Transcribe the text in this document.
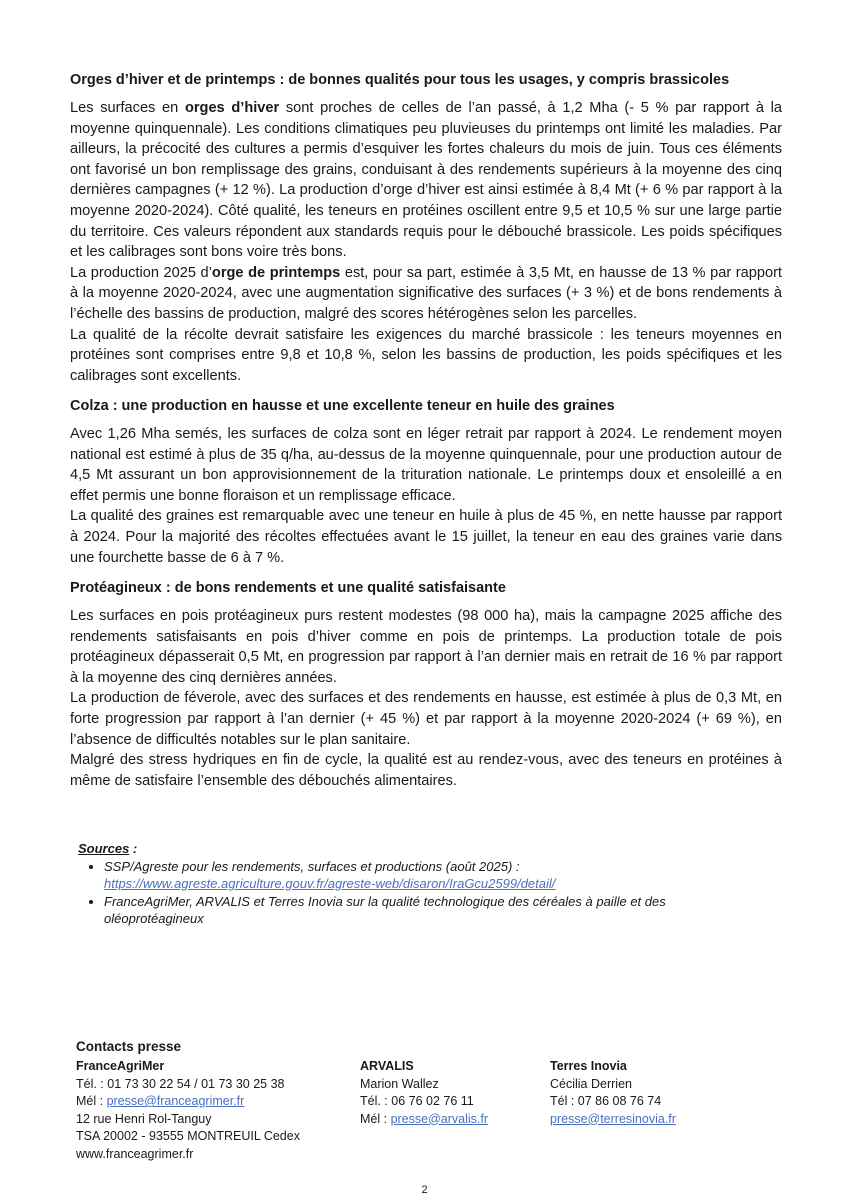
Orges d’hiver et de printemps : de bonnes qualités pour tous les usages, y compris brassicoles

Les surfaces en orges d’hiver sont proches de celles de l’an passé, à 1,2 Mha (- 5 % par rapport à la moyenne quinquennale). Les conditions climatiques peu pluvieuses du printemps ont limité les maladies. Par ailleurs, la précocité des cultures a permis d’esquiver les fortes chaleurs du mois de juin. Tous ces éléments ont favorisé un bon remplissage des grains, conduisant à des rendements supérieurs à la moyenne des cinq dernières campagnes (+ 12 %). La production d’orge d’hiver est ainsi estimée à 8,4 Mt (+ 6 % par rapport à la moyenne 2020-2024). Côté qualité, les teneurs en protéines oscillent entre 9,5 et 10,5 % sur une large partie du territoire. Ces valeurs répondent aux standards requis pour le débouché brassicole. Les poids spécifiques et les calibrages sont bons voire très bons.

La production 2025 d’orge de printemps est, pour sa part, estimée à 3,5 Mt, en hausse de 13 % par rapport à la moyenne 2020-2024, avec une augmentation significative des surfaces (+ 3 %) et de bons rendements à l’échelle des bassins de production, malgré des scores hétérogènes selon les parcelles.

La qualité de la récolte devrait satisfaire les exigences du marché brassicole : les teneurs moyennes en protéines sont comprises entre 9,8 et 10,8 %, selon les bassins de production, les poids spécifiques et les calibrages sont excellents.

Colza : une production en hausse et une excellente teneur en huile des graines

Avec 1,26 Mha semés, les surfaces de colza sont en léger retrait par rapport à 2024. Le rendement moyen national est estimé à plus de 35 q/ha, au-dessus de la moyenne quinquennale, pour une production autour de 4,5 Mt assurant un bon approvisionnement de la trituration nationale. Le printemps doux et ensoleillé a en effet permis une bonne floraison et un remplissage efficace.

La qualité des graines est remarquable avec une teneur en huile à plus de 45 %, en nette hausse par rapport à 2024. Pour la majorité des récoltes effectuées avant le 15 juillet, la teneur en eau des graines varie dans une fourchette basse de 6 à 7 %.

Protéagineux : de bons rendements et une qualité satisfaisante

Les surfaces en pois protéagineux purs restent modestes (98 000 ha), mais la campagne 2025 affiche des rendements satisfaisants en pois d’hiver comme en pois de printemps. La production totale de pois protéagineux dépasserait 0,5 Mt, en progression par rapport à l’an dernier mais en retrait de 16 % par rapport à la moyenne des cinq dernières années.

La production de féverole, avec des surfaces et des rendements en hausse, est estimée à plus de 0,3 Mt, en forte progression par rapport à l’an dernier (+ 45 %) et par rapport à la moyenne 2020-2024 (+ 69 %), en l’absence de difficultés notables sur le plan sanitaire.

Malgré des stress hydriques en fin de cycle, la qualité est au rendez-vous, avec des teneurs en protéines à même de satisfaire l’ensemble des débouchés alimentaires.

Sources :
• SSP/Agreste pour les rendements, surfaces et productions (août 2025) :
https://www.agreste.agriculture.gouv.fr/agreste-web/disaron/IraGcu2599/detail/
• FranceAgriMer, ARVALIS et Terres Inovia sur la qualité technologique des céréales à paille et des oléoprotéagineux
Contacts presse
FranceAgriMer
Tél. : 01 73 30 22 54 / 01 73 30 25 38
Mél : presse@franceagrimer.fr
12 rue Henri Rol-Tanguy
TSA 20002 - 93555 MONTREUIL Cedex
www.franceagrimer.fr
ARVALIS
Marion Wallez
Tél. : 06 76 02 76 11
Mél : presse@arvalis.fr
Terres Inovia
Cécilia Derrien
Tél : 07 86 08 76 74
presse@terresinovia.fr
2
